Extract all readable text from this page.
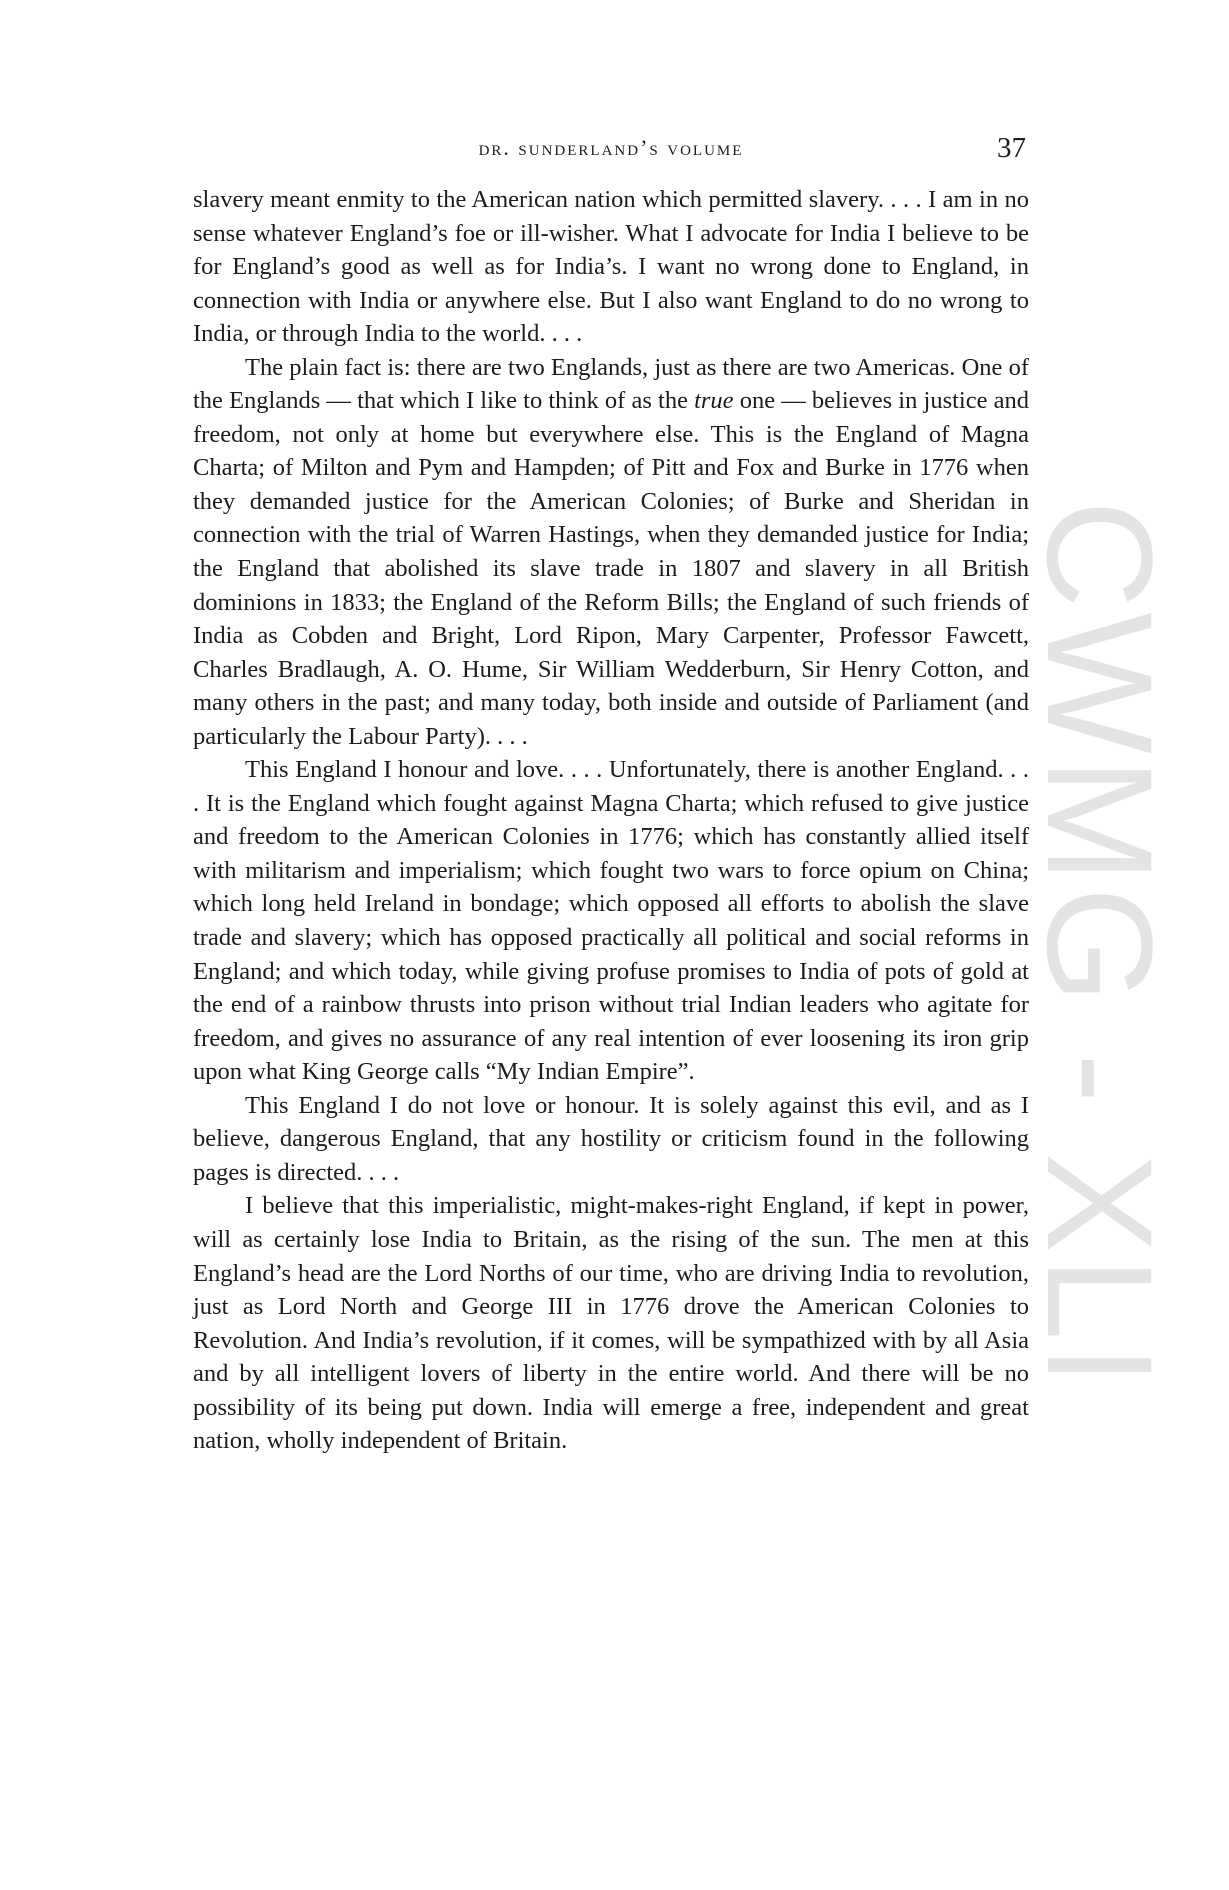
CWMG - XLI
dr. sunderland’s volume	37

slavery meant enmity to the American nation which permitted slavery. . . . I am in no sense whatever England’s foe or ill-wisher. What I advocate for India I believe to be for England’s good as well as for India’s. I want no wrong done to England, in connection with India or anywhere else. But I also want England to do no wrong to India, or through India to the world. . . .

The plain fact is: there are two Englands, just as there are two Americas. One of the Englands — that which I like to think of as the true one — believes in justice and freedom, not only at home but everywhere else. This is the England of Magna Charta; of Milton and Pym and Hampden; of Pitt and Fox and Burke in 1776 when they demanded justice for the American Colonies; of Burke and Sheridan in connection with the trial of Warren Hastings, when they demanded justice for India; the England that abolished its slave trade in 1807 and slavery in all British dominions in 1833; the England of the Reform Bills; the England of such friends of India as Cobden and Bright, Lord Ripon, Mary Carpenter, Professor Fawcett, Charles Bradlaugh, A. O. Hume, Sir William Wedderburn, Sir Henry Cotton, and many others in the past; and many today, both inside and outside of Parliament (and particularly the Labour Party). . . .

This England I honour and love. . . . Unfortunately, there is another England. . . . It is the England which fought against Magna Charta; which refused to give justice and freedom to the American Colonies in 1776; which has constantly allied itself with militarism and imperialism; which fought two wars to force opium on China; which long held Ireland in bondage; which opposed all efforts to abolish the slave trade and slavery; which has opposed practically all political and social reforms in England; and which today, while giving profuse promises to India of pots of gold at the end of a rainbow thrusts into prison without trial Indian leaders who agitate for freedom, and gives no assurance of any real intention of ever loosening its iron grip upon what King George calls “My Indian Empire”.

This England I do not love or honour. It is solely against this evil, and as I believe, dangerous England, that any hostility or criticism found in the following pages is directed. . . .

I believe that this imperialistic, might-makes-right England, if kept in power, will as certainly lose India to Britain, as the rising of the sun. The men at this England’s head are the Lord Norths of our time, who are driving India to revolution, just as Lord North and George III in 1776 drove the American Colonies to Revolution. And India’s revolution, if it comes, will be sympathized with by all Asia and by all intelligent lovers of liberty in the entire world. And there will be no possibility of its being put down. India will emerge a free, independent and great nation, wholly independent of Britain.
